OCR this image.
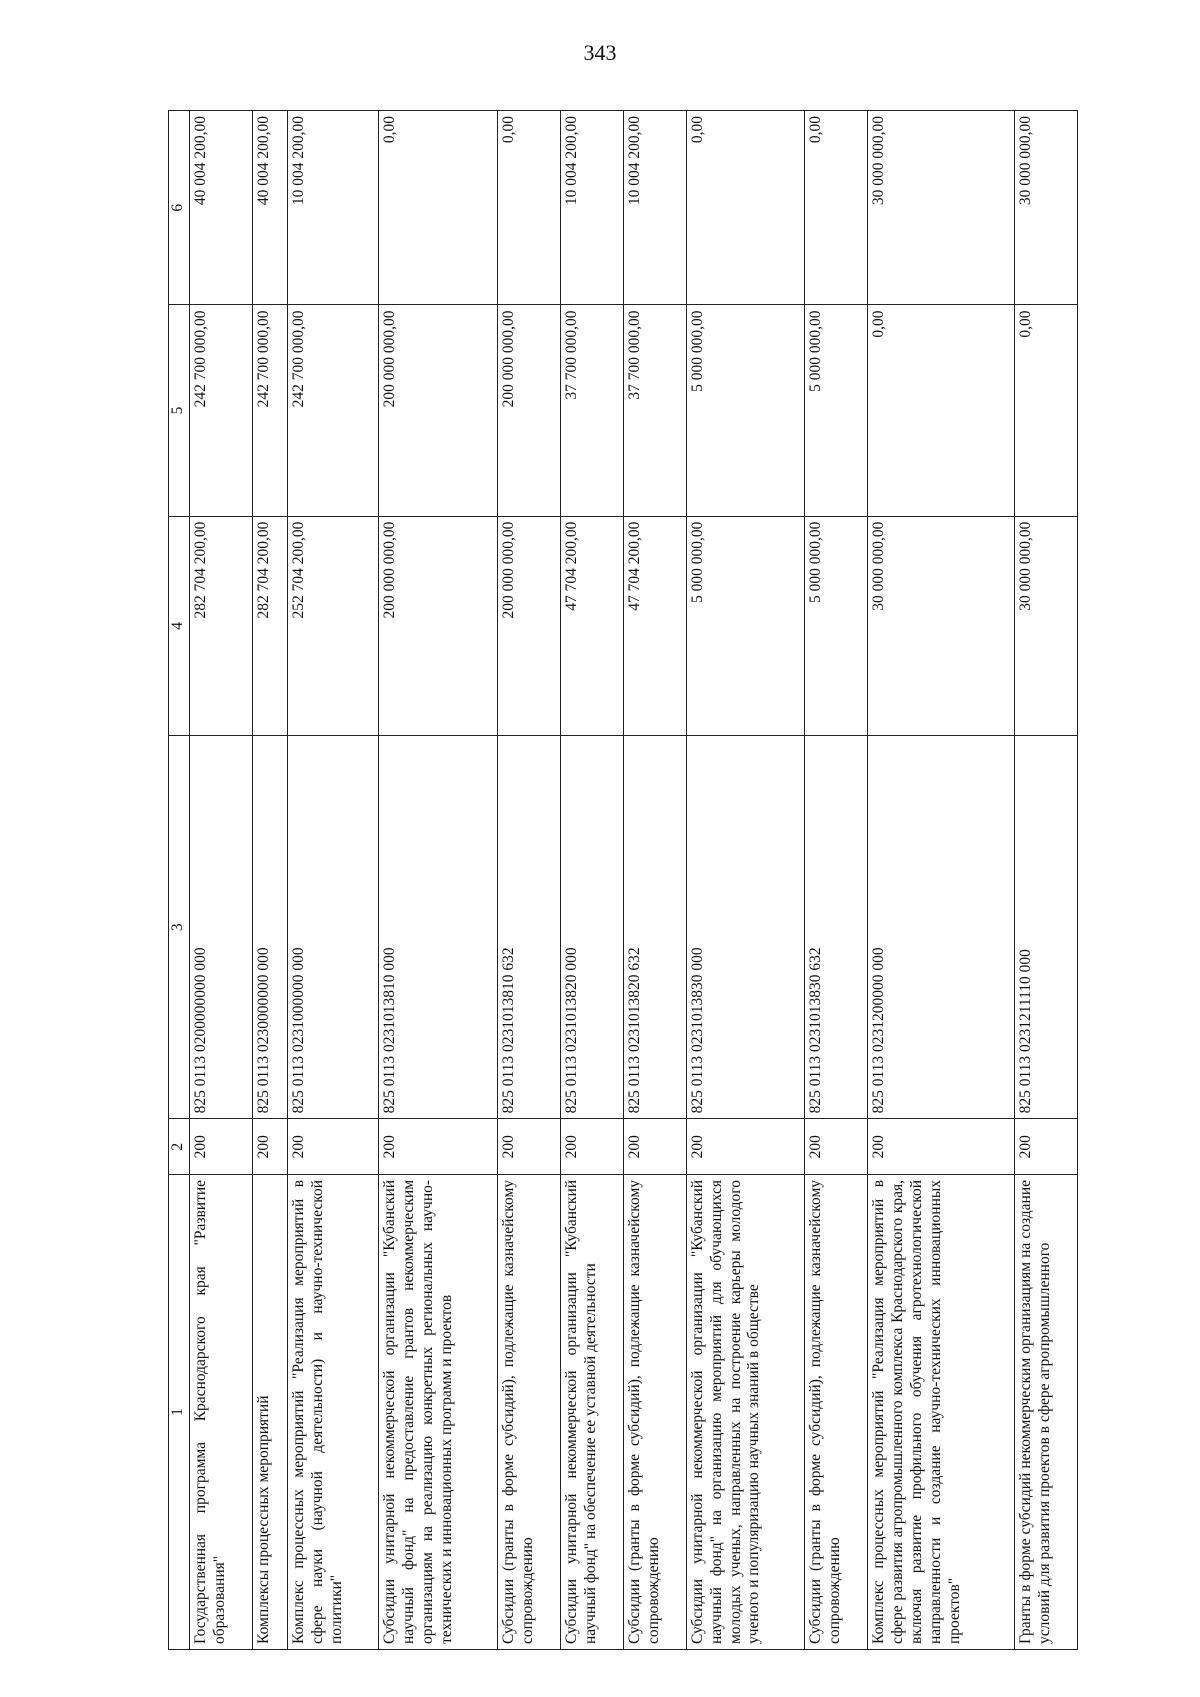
343
1	2	3	4	5	6
Государственная программа Краснодарского края "Развитие образования"	200	825 0113 0200000000 000	282 704 200,00	242 700 000,00	40 004 200,00
Комплексы процессных мероприятий	200	825 0113 0230000000 000	282 704 200,00	242 700 000,00	40 004 200,00
Комплекс процессных мероприятий "Реализация мероприятий в сфере науки (научной деятельности) и научно-технической политики"	200	825 0113 0231000000 000	252 704 200,00	242 700 000,00	10 004 200,00
Субсидии унитарной некоммерческой организации "Кубанский научный фонд" на предоставление грантов некоммерческим организациям на реализацию конкретных региональных научно-технических и инновационных программ и проектов	200	825 0113 0231013810 000	200 000 000,00	200 000 000,00	0,00
Субсидии (гранты в форме субсидий), подлежащие казначейскому сопровождению	200	825 0113 0231013810 632	200 000 000,00	200 000 000,00	0,00
Субсидии унитарной некоммерческой организации "Кубанский научный фонд" на обеспечение ее уставной деятельности	200	825 0113 0231013820 000	47 704 200,00	37 700 000,00	10 004 200,00
Субсидии (гранты в форме субсидий), подлежащие казначейскому сопровождению	200	825 0113 0231013820 632	47 704 200,00	37 700 000,00	10 004 200,00
Субсидии унитарной некоммерческой организации "Кубанский научный фонд" на организацию мероприятий для обучающихся молодых ученых, направленных на построение карьеры молодого ученого и популяризацию научных знаний в обществе	200	825 0113 0231013830 000	5 000 000,00	5 000 000,00	0,00
Субсидии (гранты в форме субсидий), подлежащие казначейскому сопровождению	200	825 0113 0231013830 632	5 000 000,00	5 000 000,00	0,00
Комплекс процессных мероприятий "Реализация мероприятий в сфере развития агропромышленного комплекса Краснодарского края, включая развитие профильного обучения агротехнологической направленности и создание научно-технических инновационных проектов"	200	825 0113 0231200000 000	30 000 000,00	0,00	30 000 000,00
Гранты в форме субсидий некоммерческим организациям на создание условий для развития проектов в сфере агропромышленного	200	825 0113 0231211110 000	30 000 000,00	0,00	30 000 000,00
